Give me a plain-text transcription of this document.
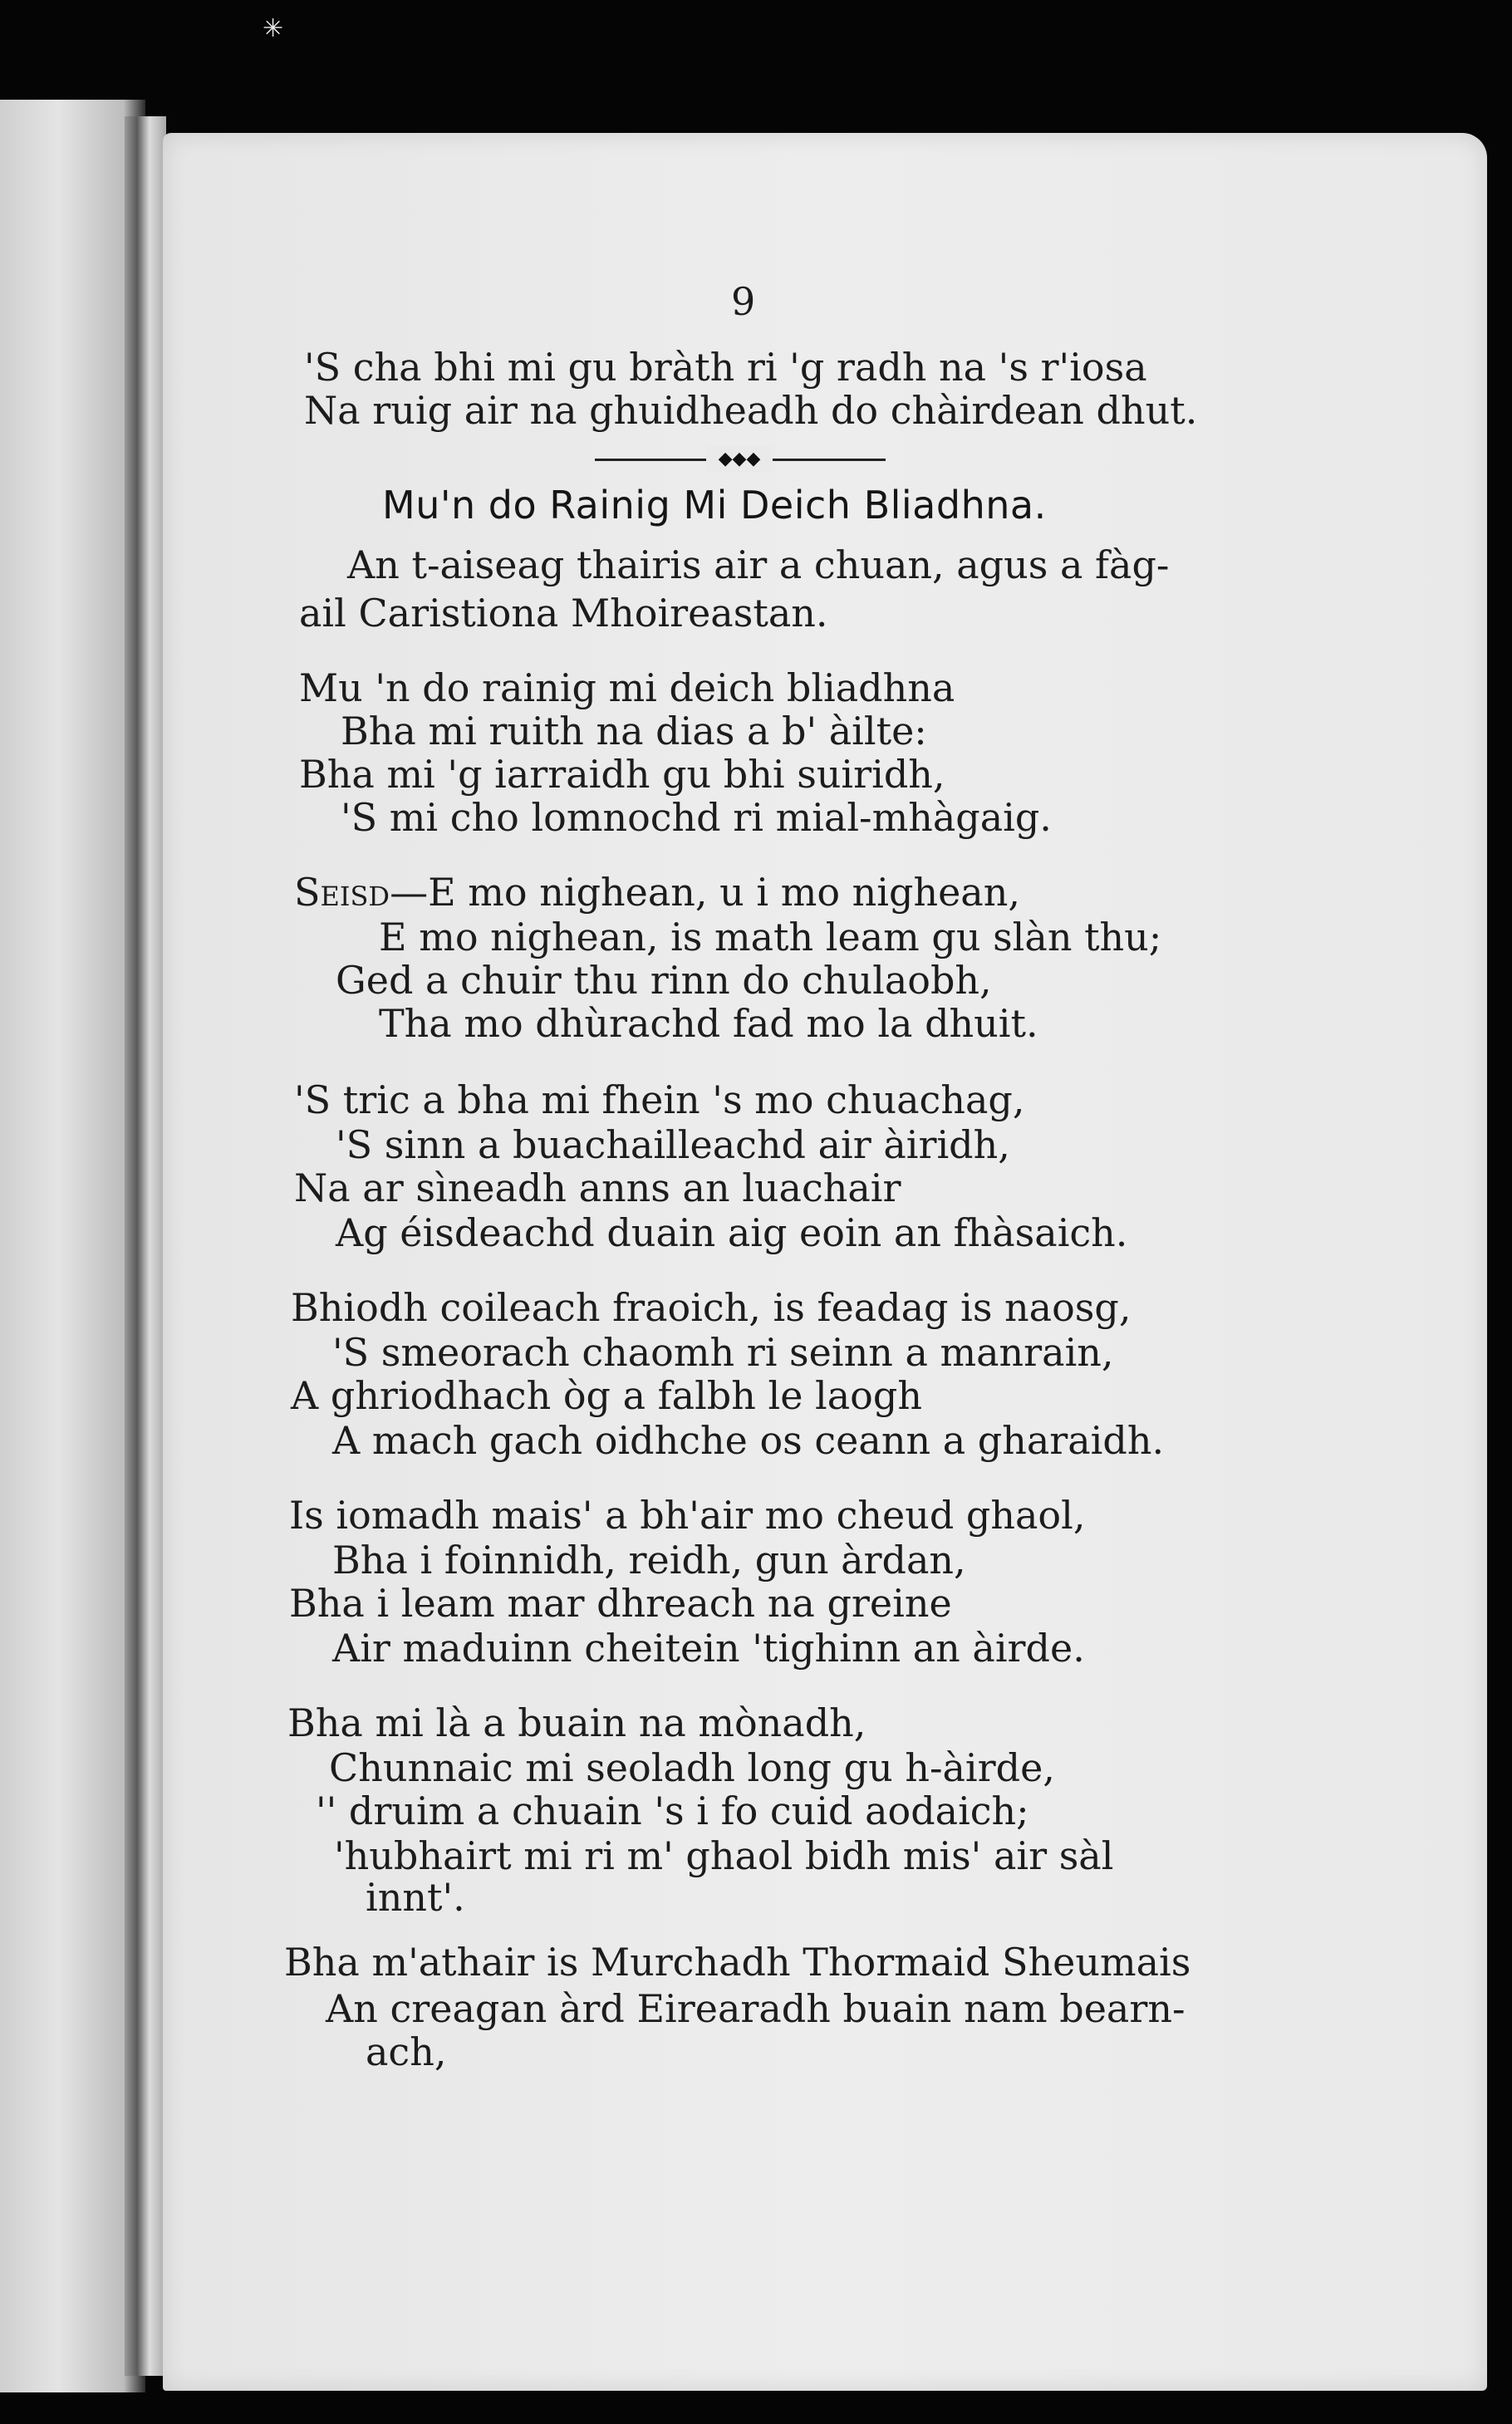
✳
9
'S cha bhi mi gu bràth ri 'g radh na 's r'iosa
Na ruig air na ghuidheadh do chàirdean dhut.
◆◆◆
Mu'n do Rainig Mi Deich Bliadhna.
An t-aiseag thairis air a chuan, agus a fàg-
ail Caristiona Mhoireastan.
Mu 'n do rainig mi deich bliadhna
Bha mi ruith na dias a b' àilte:
Bha mi 'g iarraidh gu bhi suiridh,
'S mi cho lomnochd ri mial-mhàgaig.
Seisd—E mo nighean, u i mo nighean,
E mo nighean, is math leam gu slàn thu;
Ged a chuir thu rinn do chulaobh,
Tha mo dhùrachd fad mo la dhuit.
'S tric a bha mi fhein 's mo chuachag,
'S sinn a buachailleachd air àiridh,
Na ar sìneadh anns an luachair
Ag éisdeachd duain aig eoin an fhàsaich.
Bhiodh coileach fraoich, is feadag is naosg,
'S smeorach chaomh ri seinn a manrain,
A ghriodhach òg a falbh le laogh
A mach gach oidhche os ceann a gharaidh.
Is iomadh mais' a bh'air mo cheud ghaol,
Bha i foinnidh, reidh, gun àrdan,
Bha i leam mar dhreach na greine
Air maduinn cheitein 'tighinn an àirde.
Bha mi là a buain na mònadh,
Chunnaic mi seoladh long gu h-àirde,
'' druim a chuain 's i fo cuid aodaich;
'hubhairt mi ri m' ghaol bidh mis' air sàl
innt'.
Bha m'athair is Murchadh Thormaid Sheumais
An creagan àrd Eirearadh buain nam bearn-
ach,
